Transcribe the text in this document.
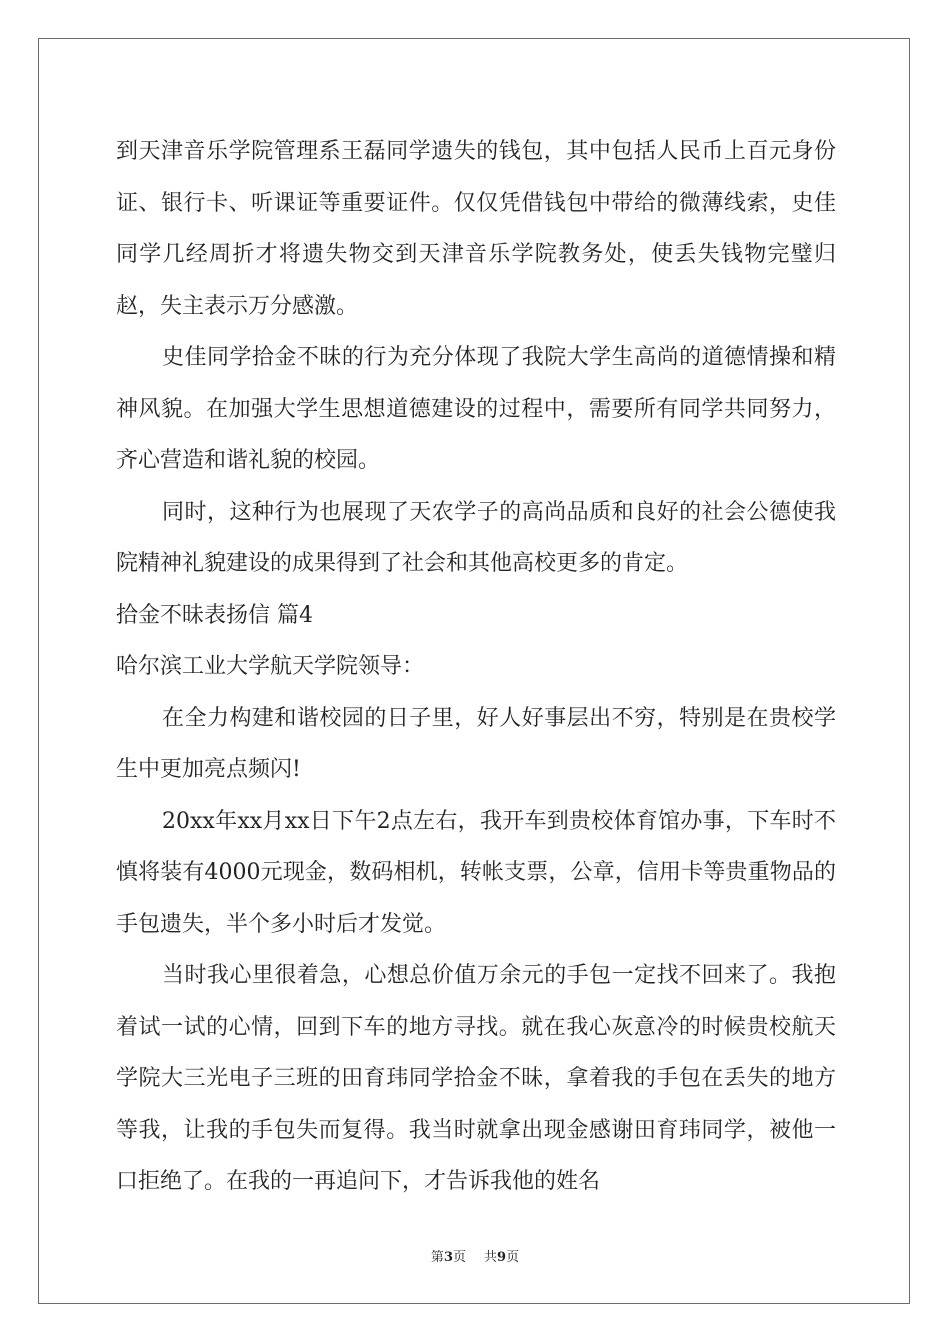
到天津音乐学院管理系王磊同学遗失的钱包，其中包括人民币上百元身份证、银行卡、听课证等重要证件。仅仅凭借钱包中带给的微薄线索，史佳同学几经周折才将遗失物交到天津音乐学院教务处，使丢失钱物完璧归赵，失主表示万分感激。

史佳同学拾金不昧的行为充分体现了我院大学生高尚的道德情操和精神风貌。在加强大学生思想道德建设的过程中，需要所有同学共同努力，齐心营造和谐礼貌的校园。

同时，这种行为也展现了天农学子的高尚品质和良好的社会公德使我院精神礼貌建设的成果得到了社会和其他高校更多的肯定。

拾金不昧表扬信 篇4

哈尔滨工业大学航天学院领导：

在全力构建和谐校园的日子里，好人好事层出不穷，特别是在贵校学生中更加亮点频闪!

20xx年xx月xx日下午2点左右，我开车到贵校体育馆办事，下车时不慎将装有4000元现金，数码相机，转帐支票，公章，信用卡等贵重物品的手包遗失，半个多小时后才发觉。

当时我心里很着急，心想总价值万余元的手包一定找不回来了。我抱着试一试的心情，回到下车的地方寻找。就在我心灰意冷的时候贵校航天学院大三光电子三班的田育玮同学拾金不昧，拿着我的手包在丢失的地方等我，让我的手包失而复得。我当时就拿出现金感谢田育玮同学，被他一口拒绝了。在我的一再追问下，才告诉我他的姓名

第3页 共9页
